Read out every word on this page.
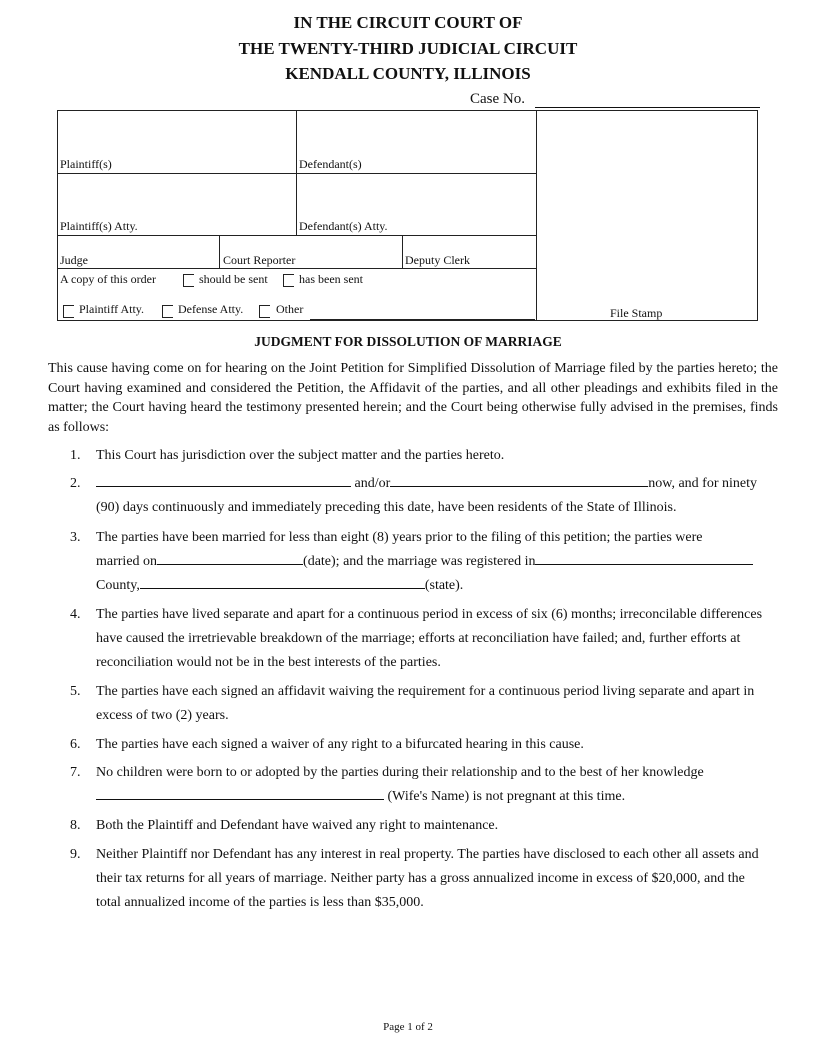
IN THE CIRCUIT COURT OF
THE TWENTY-THIRD JUDICIAL CIRCUIT
KENDALL COUNTY, ILLINOIS
Case No.
Plaintiff(s)	Defendant(s)
Plaintiff(s) Atty.	Defendant(s) Atty.
Judge	Court Reporter	Deputy Clerk
A copy of this order	should be sent	has been sent
Plaintiff Atty.	Defense Atty.	Other	File Stamp
JUDGMENT FOR DISSOLUTION OF MARRIAGE
This cause having come on for hearing on the Joint Petition for Simplified Dissolution of Marriage filed by the parties hereto; the Court having examined and considered the Petition, the Affidavit of the parties, and all other pleadings and exhibits filed in the matter; the Court having heard the testimony presented herein; and the Court being otherwise fully advised in the premises, finds as follows:
1. This Court has jurisdiction over the subject matter and the parties hereto.
2.	and/or	now, and for ninety
(90) days continuously and immediately preceding this date, have been residents of the State of Illinois.
3. The parties have been married for less than eight (8) years prior to the filing of this petition; the parties were
married on	(date); and the marriage was registered in
County,	(state).
4. The parties have lived separate and apart for a continuous period in excess of six (6) months; irreconcilable differences have caused the irretrievable breakdown of the marriage; efforts at reconciliation have failed; and, further efforts at reconciliation would not be in the best interests of the parties.
5. The parties have each signed an affidavit waiving the requirement for a continuous period living separate and apart in excess of two (2) years.
6. The parties have each signed a waiver of any right to a bifurcated hearing in this cause.
7. No children were born to or adopted by the parties during their relationship and to the best of her knowledge
(Wife's Name) is not pregnant at this time.
8. Both the Plaintiff and Defendant have waived any right to maintenance.
9. Neither Plaintiff nor Defendant has any interest in real property. The parties have disclosed to each other all assets and their tax returns for all years of marriage. Neither party has a gross annualized income in excess of $20,000, and the total annualized income of the parties is less than $35,000.
Page 1 of 2
